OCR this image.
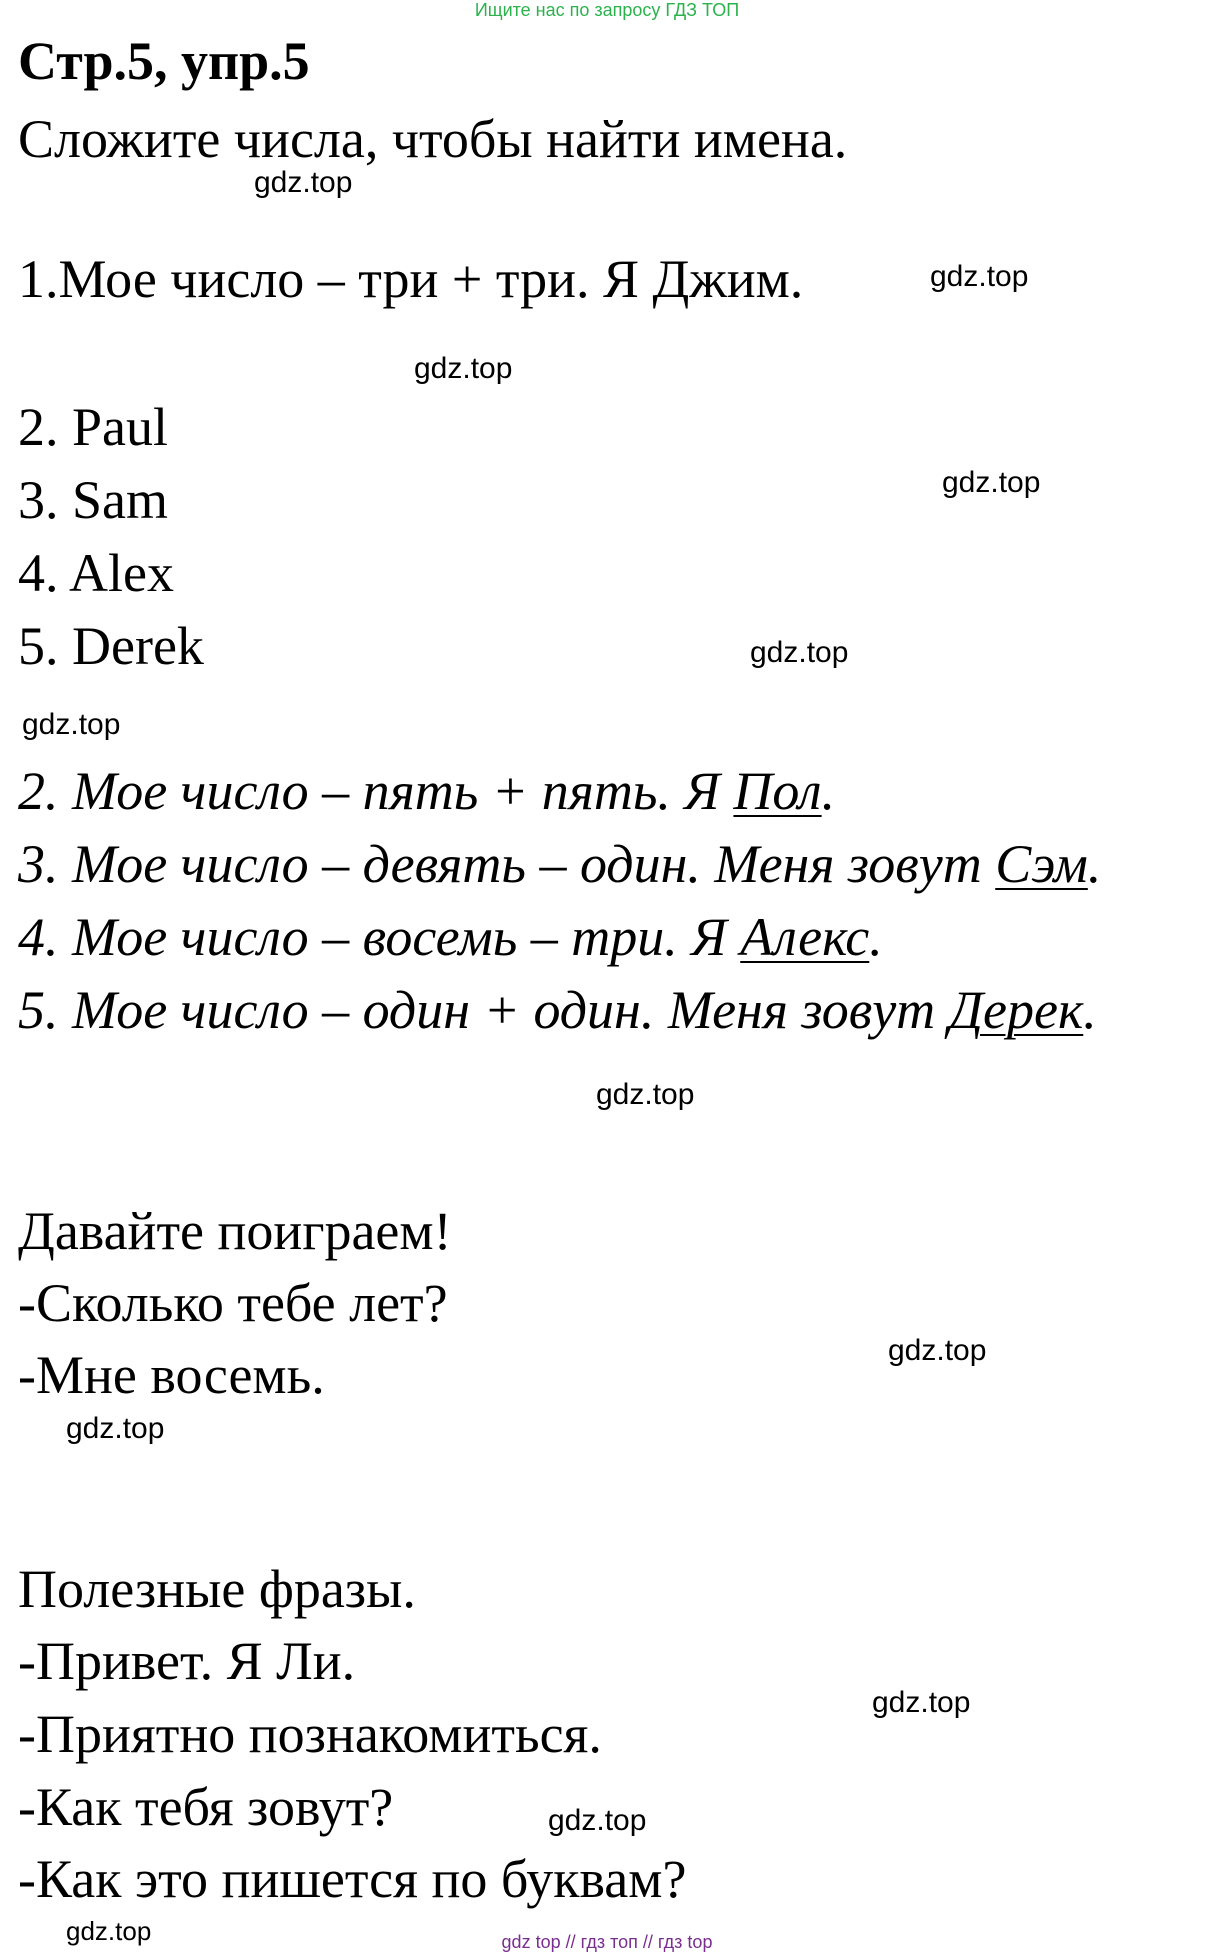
Ищите нас по запросу ГДЗ ТОП
Стр.5, упр.5
Сложите числа, чтобы найти имена.
1.Мое число – три + три. Я Джим.
2. Paul
3. Sam
4. Alex
5. Derek
2. Мое число – пять + пять. Я Пол.
3. Мое число – девять – один. Меня зовут Сэм.
4. Мое число – восемь – три. Я Алекс.
5. Мое число – один + один. Меня зовут Дерек.
Давайте поиграем!
-Сколько тебе лет?
-Мне восемь.
Полезные фразы.
-Привет. Я Ли.
-Приятно познакомиться.
-Как тебя зовут?
-Как это пишется по буквам?
gdz.top
gdz.top
gdz.top
gdz.top
gdz.top
gdz.top
gdz.top
gdz.top
gdz.top
gdz.top
gdz.top
gdz.top	gdz top // гдз топ // гдз top
